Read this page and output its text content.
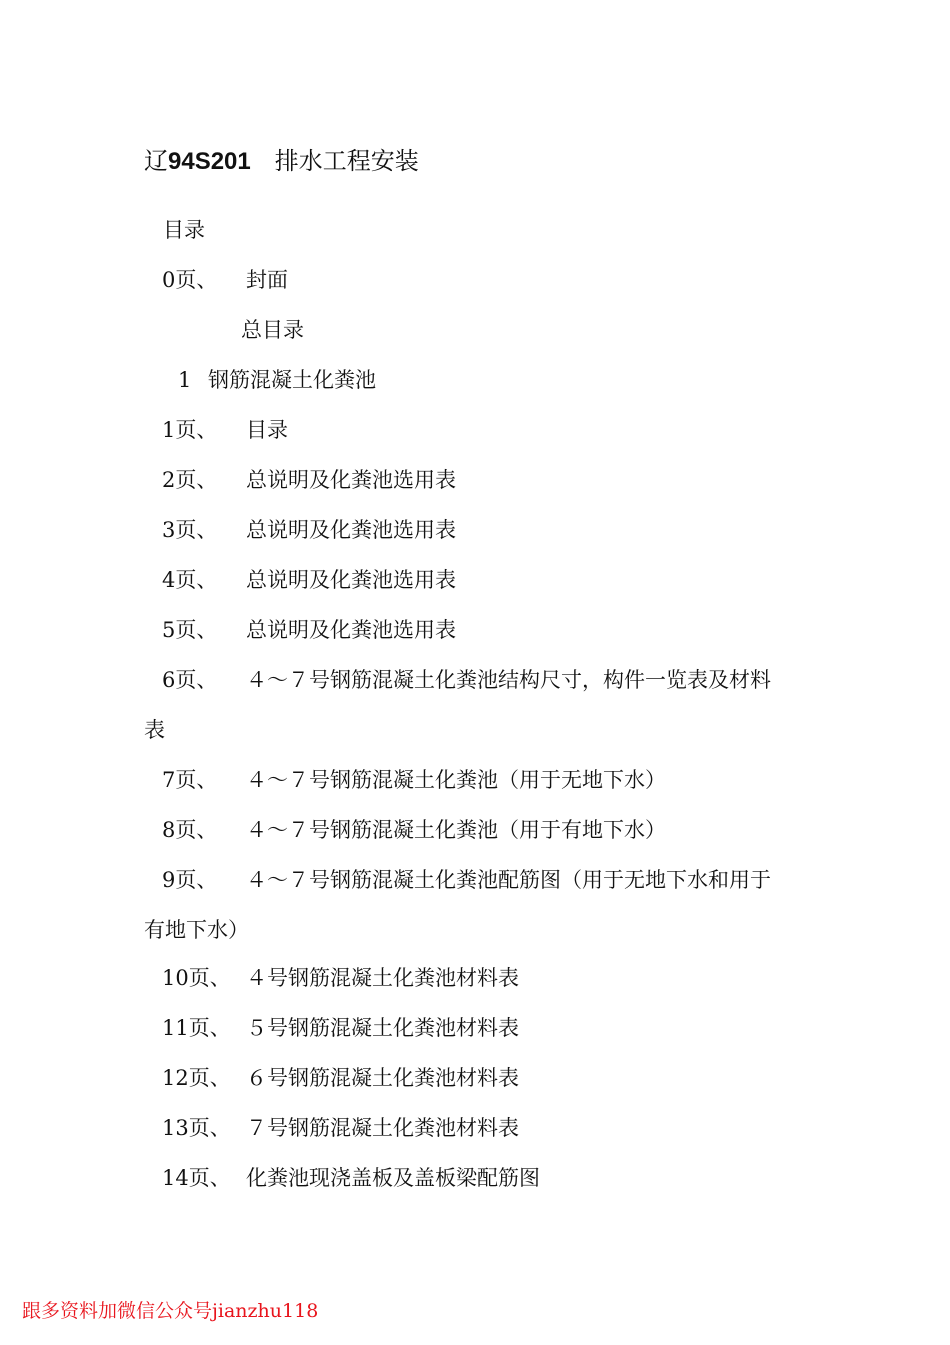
辽94S201 排水工程安装
目录
0页、 封面
总目录
1 钢筋混凝土化粪池
1页、 目录
2页、 总说明及化粪池选用表
3页、 总说明及化粪池选用表
4页、 总说明及化粪池选用表
5页、 总说明及化粪池选用表
6页、 ４～７号钢筋混凝土化粪池结构尺寸，构件一览表及材料
表
7页、 ４～７号钢筋混凝土化粪池（用于无地下水）
8页、 ４～７号钢筋混凝土化粪池（用于有地下水）
9页、 ４～７号钢筋混凝土化粪池配筋图（用于无地下水和用于
有地下水）
10页、 ４号钢筋混凝土化粪池材料表
11页、 ５号钢筋混凝土化粪池材料表
12页、 ６号钢筋混凝土化粪池材料表
13页、 ７号钢筋混凝土化粪池材料表
14页、 化粪池现浇盖板及盖板梁配筋图
跟多资料加微信公众号jianzhu118
